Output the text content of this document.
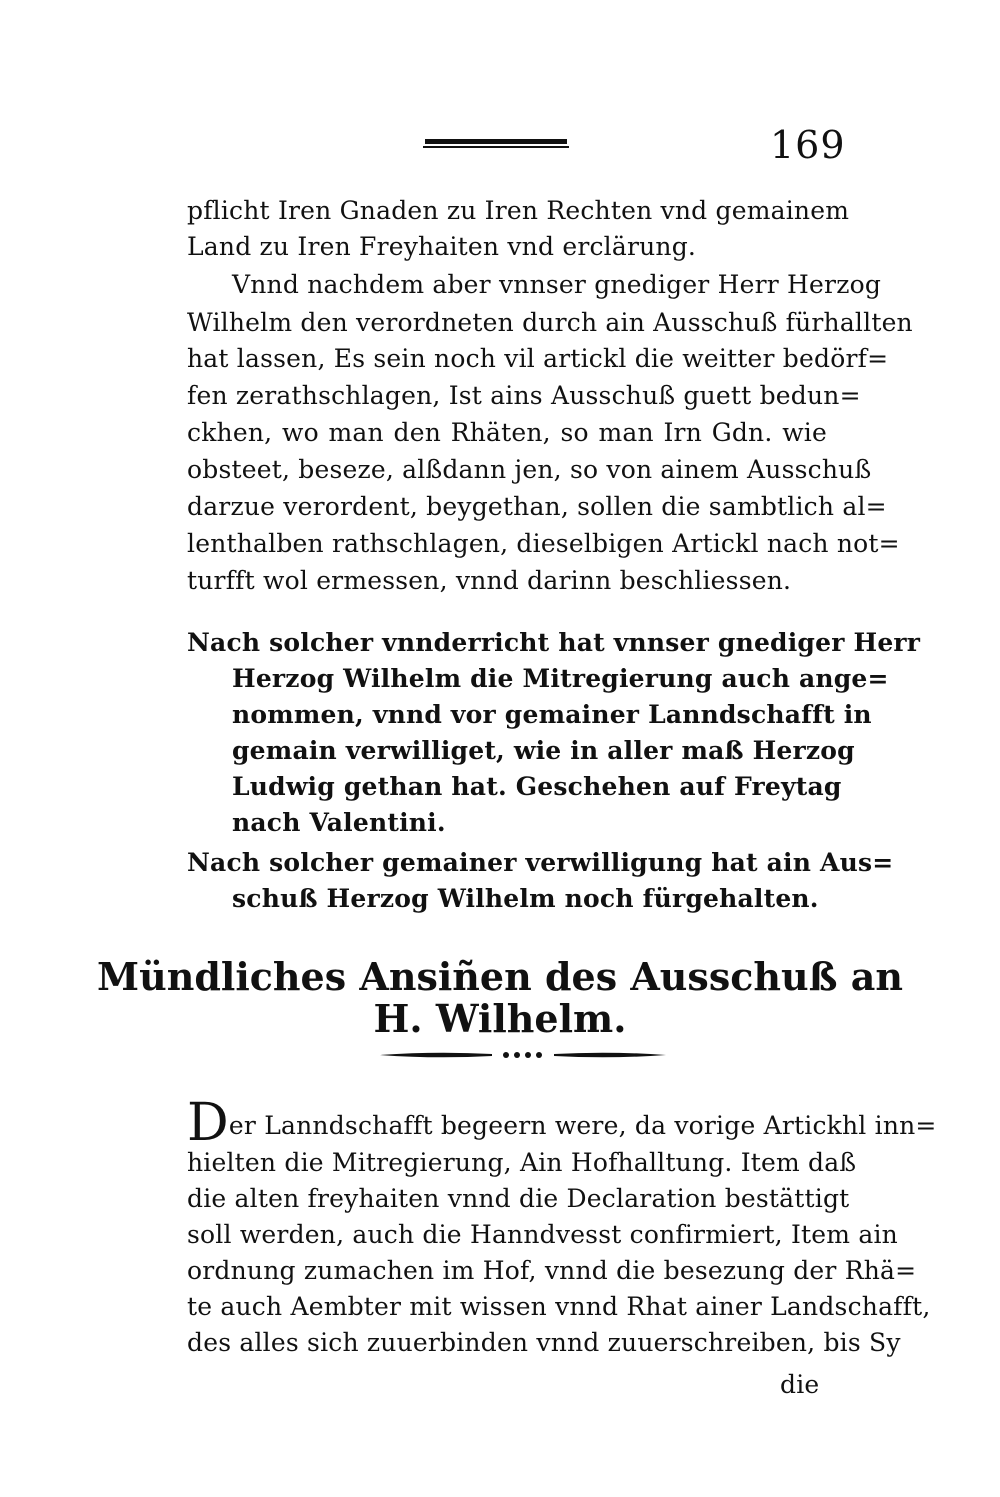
169
pflicht Iren Gnaden zu Iren Rechten vnd gemainem
Land zu Iren Freyhaiten vnd erclärung.
Vnnd nachdem aber vnnser gnediger Herr Herzog
Wilhelm den verordneten durch ain Ausschuß fürhallten
hat lassen, Es sein noch vil artickl die weitter bedörf=
fen zerathschlagen, Ist ains Ausschuß guett bedun=
ckhen, wo man den Rhäten, so man Irn Gdn. wie
obsteet, beseze, alßdann jen, so von ainem Ausschuß
darzue verordent, beygethan, sollen die sambtlich al=
lenthalben rathschlagen, dieselbigen Artickl nach not=
turfft wol ermessen, vnnd darinn beschliessen.
Nach solcher vnnderricht hat vnnser gnediger Herr
Herzog Wilhelm die Mitregierung auch ange=
nommen, vnnd vor gemainer Lanndschafft in
gemain verwilliget, wie in aller maß Herzog
Ludwig gethan hat. Geschehen auf Freytag
nach Valentini.
Nach solcher gemainer verwilligung hat ain Aus=
schuß Herzog Wilhelm noch fürgehalten.
Mündliches Ansiñen des Ausschuß an
H. Wilhelm.
Der Lanndschafft begeern were, da vorige Artickhl inn=
hielten die Mitregierung, Ain Hofhalltung. Item daß
die alten freyhaiten vnnd die Declaration bestättigt
soll werden, auch die Hanndvesst confirmiert, Item ain
ordnung zumachen im Hof, vnnd die besezung der Rhä=
te auch Aembter mit wissen vnnd Rhat ainer Landschafft,
des alles sich zuuerbinden vnnd zuuerschreiben, bis Sy
die
